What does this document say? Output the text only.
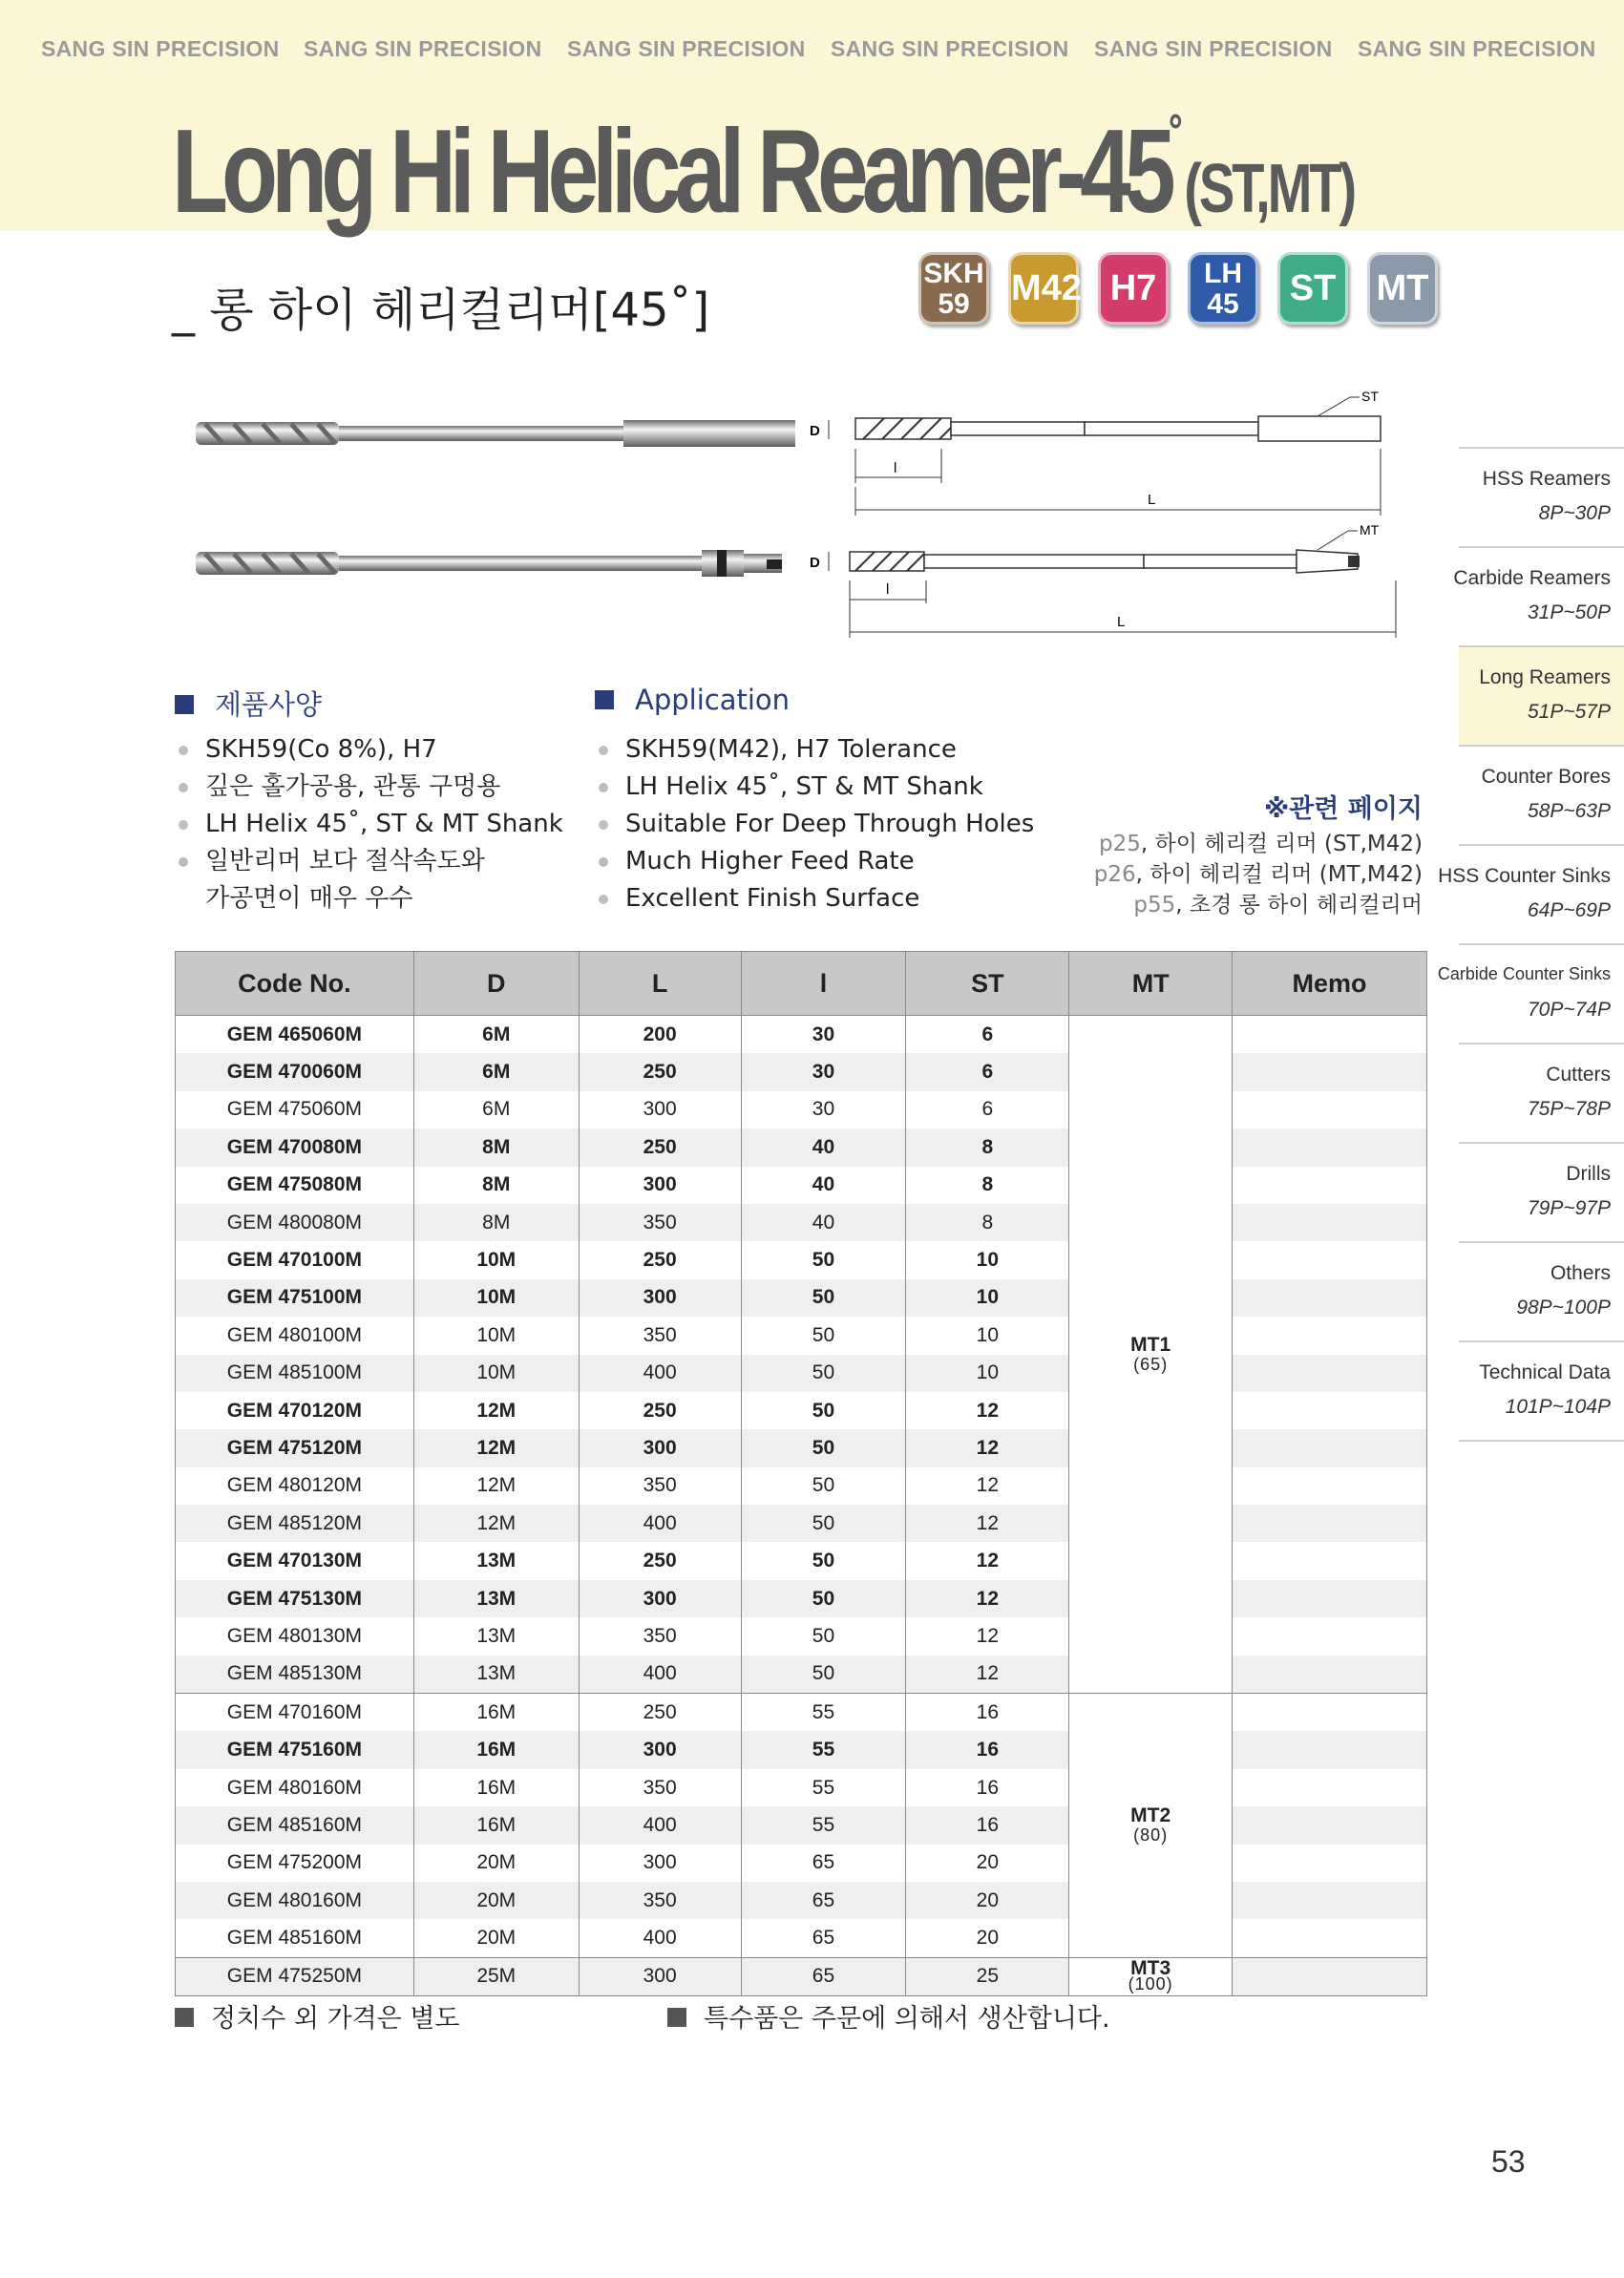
SANG SIN PRECISION SANG SIN PRECISION SANG SIN PRECISION SANG SIN PRECISION SANG SIN PRECISION SANG SIN PRECISION
Long Hi Helical Reamer-45˚(ST,MT)
_ 롱 하이 헤리컬리머[45˚]
SKH
59	M42 H7	LH
45	ST MT
D
l
L
ST
D
l
L
MT
제품사양
SKH59(Co 8%), H7
깊은 홀가공용, 관통 구멍용
LH Helix 45˚, ST & MT Shank
일반리머 보다 절삭속도와
가공면이 매우 우수
Application
SKH59(M42), H7 Tolerance
LH Helix 45˚, ST & MT Shank
Suitable For Deep Through Holes
Much Higher Feed Rate
Excellent Finish Surface
※관련 페이지
p25, 하이 헤리컬 리머 (ST,M42)
p26, 하이 헤리컬 리머 (MT,M42)
p55, 초경 롱 하이 헤리컬리머
Code No.	D	L	l	ST	MT	Memo
GEM 465060M	6M	200	30	6	MT1
(65)	

GEM 470060M	6M	250	30	6		
GEM 475060M	6M	300	30	6		
GEM 470080M	8M	250	40	8		
GEM 475080M	8M	300	40	8		
GEM 480080M	8M	350	40	8		
GEM 470100M	10M	250	50	10		
GEM 475100M	10M	300	50	10		
GEM 480100M	10M	350	50	10		
GEM 485100M	10M	400	50	10		
GEM 470120M	12M	250	50	12		
GEM 475120M	12M	300	50	12		
GEM 480120M	12M	350	50	12		
GEM 485120M	12M	400	50	12		
GEM 470130M	13M	250	50	12		
GEM 475130M	13M	300	50	12		
GEM 480130M	13M	350	50	12		
GEM 485130M	13M	400	50	12		
GEM 470160M	16M	250	55	16	MT2
(80)	

GEM 475160M	16M	300	55	16		
GEM 480160M	16M	350	55	16		
GEM 485160M	16M	400	55	16		
GEM 475200M	20M	300	65	20		
GEM 480160M	20M	350	65	20		
GEM 485160M	20M	400	65	20		
GEM 475250M	25M	300	65	25	MT3
(100)	

정치수 외 가격은 별도	특수품은 주문에 의해서 생산합니다.
HSS Reamers
8P~30P
Carbide Reamers
31P~50P
Long Reamers
51P~57P
Counter Bores
58P~63P
HSS Counter Sinks
64P~69P
Carbide Counter Sinks
70P~74P
Cutters
75P~78P
Drills
79P~97P
Others
98P~100P
Technical Data
101P~104P
53
